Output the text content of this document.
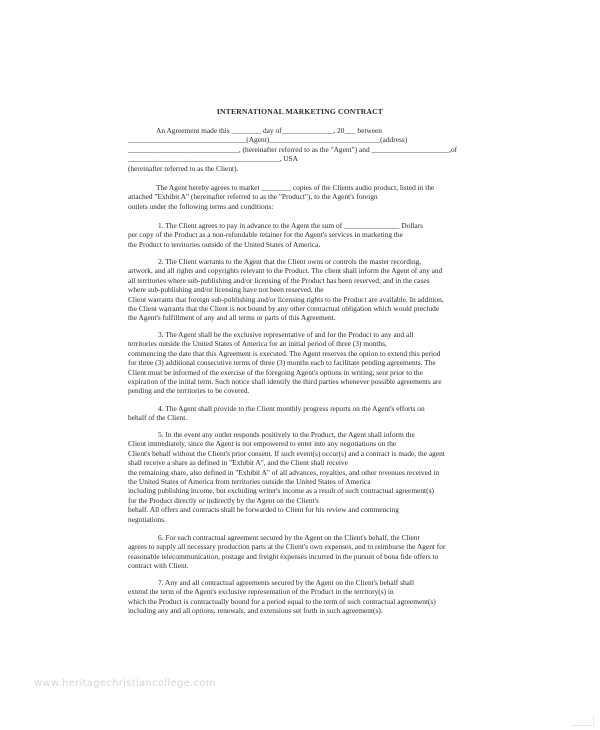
INTERNATIONAL MARKETING CONTRACT
An Agreement made this ________ day of______________, 20___ between
________________________________(Agent)______________________________(address)
______________________________, (hereinafter referred to as the "Agent") and _____________________,of
_________________________________________, USA
(hereinafter referred to as the Client).
The Agent hereby agrees to market ________ copies of the Clients audio product, listed in the
attached "Exhibit A" (hereinafter referred to as the "Product"), to the Agent's foreign
outlets under the following terms and conditions:
1. The Client agrees to pay in advance to the Agent the sum of _______________ Dollars
per copy of the Product as a non-refundable retainer for the Agent's services in marketing the
the Product to territories outside of the United States of America.
2. The Client warrants to the Agent that the Client owns or controls the master recording,
artwork, and all rights and copyrights relevant to the Product. The client shall inform the Agent of any and
all territories where sub-publishing and/or licensing of the Product has been reserved; and in the cases
where sub-publishing and/or licensing have not been reserved, the
Client warrants that foreign sub-publishing and/or licensing rights to the Product are available. In addition,
the Client warrants that the Client is not bound by any other contractual obligation which would preclude
the Agent's fulfillment of any and all terms or parts of this Agreement.
3. The Agent shall be the exclusive representative of and for the Product to any and all
territories outside the United States of America for an initial period of three (3) months,
commencing the date that this Agreement is executed. The Agent reserves the option to extend this period
for three (3) additional consecutive terms of three (3) months each to facilitate pending agreements. The
Client must be informed of the exercise of the foregoing Agent's options in writing, sent prior to the
expiration of the initial term. Such notice shall identify the third parties whenever possible agreements are
pending and the territories to be covered.
4. The Agent shall provide to the Client monthly progress reports on the Agent's efforts on
behalf of the Client.
5. In the event any outlet responds positively to the Product, the Agent shall inform the
Client immediately, since the Agent is not empowered to enter into any negotiations on the
Client's behalf without the Client's prior consent. If such event(s) occur(s) and a contract is made, the agent
shall receive a share as defined in "Exhibit A", and the Client shall receive
the remaining share, also defined in "Exhibit A" of all advances, royalties, and other revenues received in
the United States of America from territories outside the United States of America
including publishing income, but excluding writer's income as a result of such contractual agreement(s)
for the Product directly or indirectly by the Agent on the Client's
behalf. All offers and contracts shall be forwarded to Client for his review and commencing
negotiations.
6. For each contractual agreement secured by the Agent on the Client's behalf, the Client
agrees to supply all necessary production parts at the Client's own expenses, and to reimburse the Agent for
reasonable telecommunication, postage and freight expenses incurred in the pursuit of bona fide offers to
contract with Client.
7. Any and all contractual agreements secured by the Agent on the Client's behalf shall
extend the term of the Agent's exclusive representation of the Product in the territory(s) in
which the Product is contractually bound for a period equal to the term of such contractual agreement(s)
including any and all options, renewals, and extensions set forth in such agreement(s).
www.heritagechristiancollege.com
